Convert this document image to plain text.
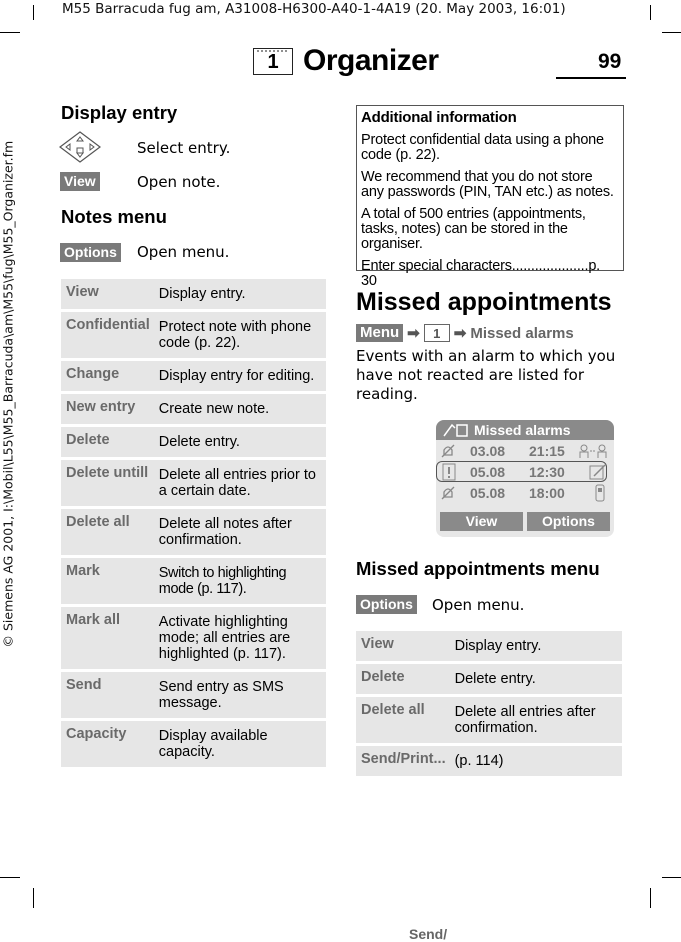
M55 Barracuda fug am, A31008-H6300-A40-1-4A19 (20. May 2003, 16:01)
1 Organizer	99
© Siemens AG 2001, I:\Mobil\L55\M55_Barracuda\am\M55\fug\M55_Organizer.fm
Display entry
Select entry.
View	Open note.
Notes menu
Options Open menu.
View	Display entry.
Confidential	Protect note with phone code (p. 22).
Change	Display entry for editing.
New entry	Create new note.
Delete	Delete entry.
Delete untill	Delete all entries prior to a certain date.
Delete all	Delete all notes after confirmation.
Mark	Switch to highlighting mode (p. 117).
Mark all	Activate highlighting mode; all entries are highlighted (p. 117).
Send	Send entry as SMS message.
Capacity	Display available capacity.

Additional information

Protect confidential data using a phone code (p. 22).

We recommend that you do not store any passwords (PIN, TAN etc.) as notes.

A total of 500 entries (appointments, tasks, notes) can be stored in the organiser.

Enter special characters....................p. 30

Missed appointments
Menu ➡	1 ➡ Missed alarms
Events with an alarm to which you have not reacted are listed for reading.
Missed alarms
03.08 21:15
05.08 12:30
05.08 18:00
View	Options
Missed appointments menu
Options Open menu.
View	Display entry.
Delete	Delete entry.
Delete all	Delete all entries after confirmation.
Send/Print...	(p. 114)
Send/
